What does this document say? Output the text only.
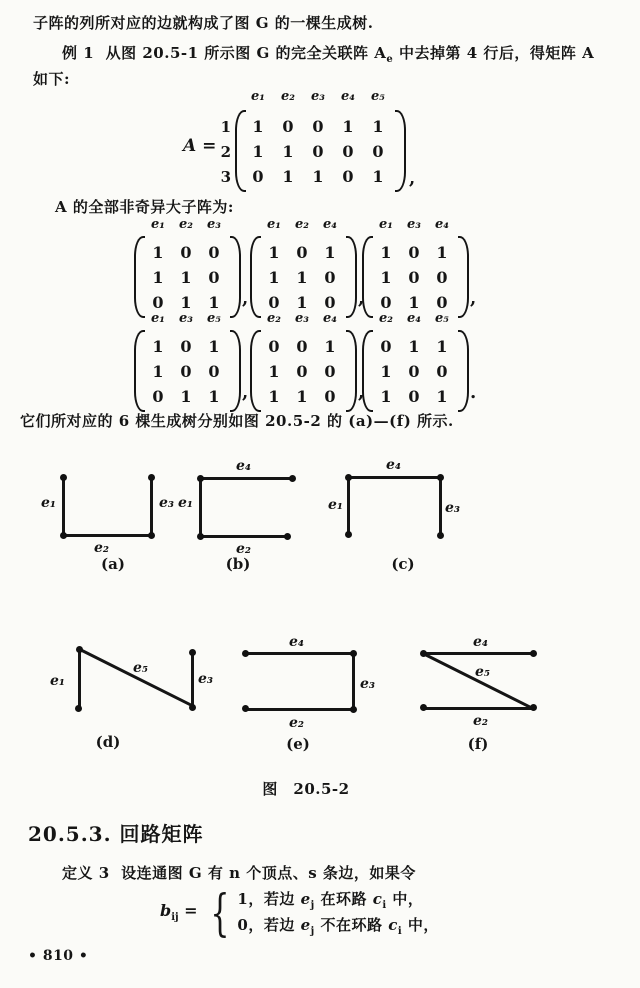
子阵的列所对应的边就构成了图 G 的一棵生成树.
例 1 从图 20.5-1 所示图 G 的完全关联阵 $A_e$ 中去掉第 4 行后，得矩阵 A
如下:
e₁	e₂	e₃	e₄	e₅
A =
1
2
3
1	0	0	1	1
1	1	0	0	0
0	1	1	0	1	,
A 的全部非奇异大子阵为:
e₁	e₂	e₃
1	0	0
1	1	0
0	1	1	,
e₁	e₂	e₄
1	0	1
1	1	0
0	1	0	,
e₁	e₃	e₄
1	0	1
1	0	0
0	1	0	,
e₁	e₃	e₅
1	0	1
1	0	0
0	1	1	,
e₂	e₃	e₄
0	0	1
1	0	0
1	1	0	,
e₂	e₄	e₅
0	1	1
1	0	0
1	0	1	.
它们所对应的 6 棵生成树分别如图 20.5-2 的 (a)—(f) 所示.
e₁
e₂
e₃
(a)
e₄
e₁
e₂
(b)
e₄
e₁	e₃
(c)
e₁
e₅
e₃
(d)
e₄
e₃
e₂
(e)
e₄
e₅
e₂
(f)
图　20.5-2
20.5.3. 回路矩阵
定义 3 设连通图 G 有 n 个顶点、s 条边，如果令
$b_{ij}$ = { 1，若边 $e_j$ 在环路 $c_i$ 中，
0，若边 $e_j$ 不在环路 $c_i$ 中，
• 810 •
